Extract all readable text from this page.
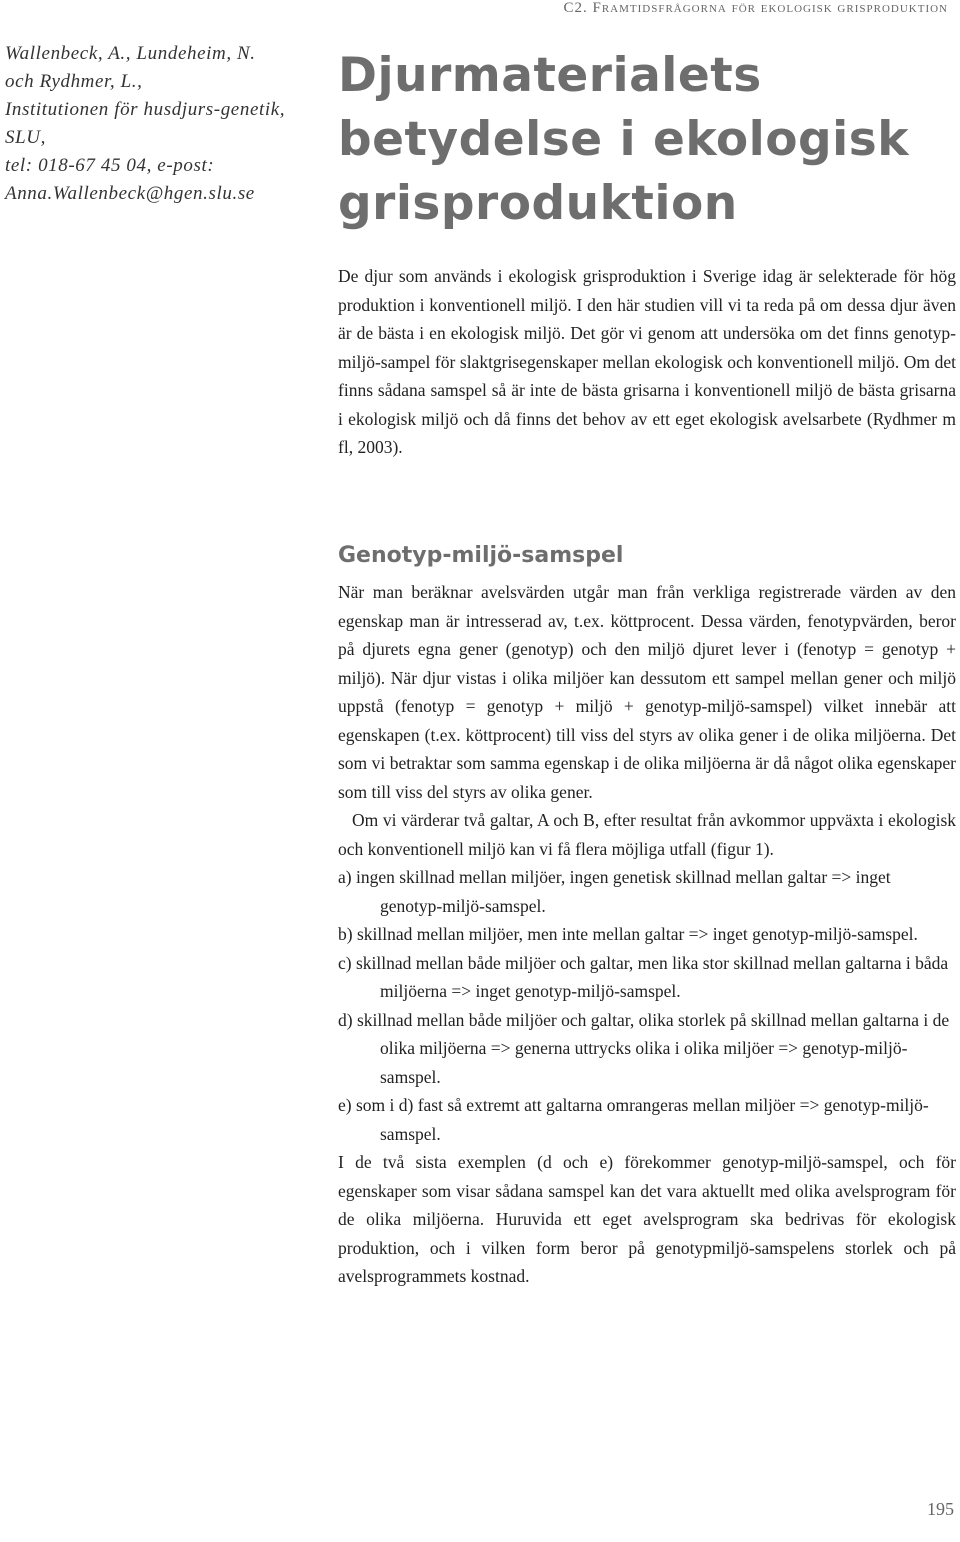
C2. Framtidsfrågorna för ekologisk grisproduktion
Wallenbeck, A., Lundeheim, N.
och Rydhmer, L.,
Institutionen för husdjurs-genetik,
SLU,
tel: 018-67 45 04, e-post:
Anna.Wallenbeck@hgen.slu.se
Djurmaterialets betydelse i ekologisk grisproduktion

De djur som används i ekologisk grisproduktion i Sverige idag är selekterade för hög produktion i konventionell miljö. I den här studien vill vi ta reda på om dessa djur även är de bästa i en ekologisk miljö. Det gör vi genom att undersöka om det finns genotyp-miljö-sampel för slaktgrisegenskaper mellan ekologisk och konventionell miljö. Om det finns sådana samspel så är inte de bästa grisarna i konventionell miljö de bästa grisarna i ekologisk miljö och då finns det behov av ett eget ekologisk avelsarbete (Rydhmer m fl, 2003).

Genotyp-miljö-samspel

När man beräknar avelsvärden utgår man från verkliga registrerade värden av den egenskap man är intresserad av, t.ex. köttprocent. Dessa värden, fenotypvärden, beror på djurets egna gener (genotyp) och den miljö djuret lever i (fenotyp = genotyp + miljö). När djur vistas i olika miljöer kan dessutom ett sampel mellan gener och miljö uppstå (fenotyp = genotyp + miljö + genotyp-miljö-samspel) vilket innebär att egenskapen (t.ex. köttprocent) till viss del styrs av olika gener i de olika miljöerna. Det som vi betraktar som samma egenskap i de olika miljöerna är då något olika egenskaper som till viss del styrs av olika gener.

Om vi värderar två galtar, A och B, efter resultat från avkommor uppväxta i ekologisk och konventionell miljö kan vi få flera möjliga utfall (figur 1).

a) ingen skillnad mellan miljöer, ingen genetisk skillnad mellan galtar => inget genotyp-miljö-samspel.
b) skillnad mellan miljöer, men inte mellan galtar => inget genotyp-miljö-samspel.
c) skillnad mellan både miljöer och galtar, men lika stor skillnad mellan galtarna i båda miljöerna => inget genotyp-miljö-samspel.
d) skillnad mellan både miljöer och galtar, olika storlek på skillnad mellan galtarna i de olika miljöerna => generna uttrycks olika i olika miljöer => genotyp-miljö-samspel.
e) som i d) fast så extremt att galtarna omrangeras mellan miljöer => genotyp-miljö-samspel.

I de två sista exemplen (d och e) förekommer genotyp-miljö-samspel, och för egenskaper som visar sådana samspel kan det vara aktuellt med olika avelsprogram för de olika miljöerna. Huruvida ett eget avelsprogram ska bedrivas för ekologisk produktion, och i vilken form beror på genotypmiljö-samspelens storlek och på avelsprogrammets kostnad.

195
